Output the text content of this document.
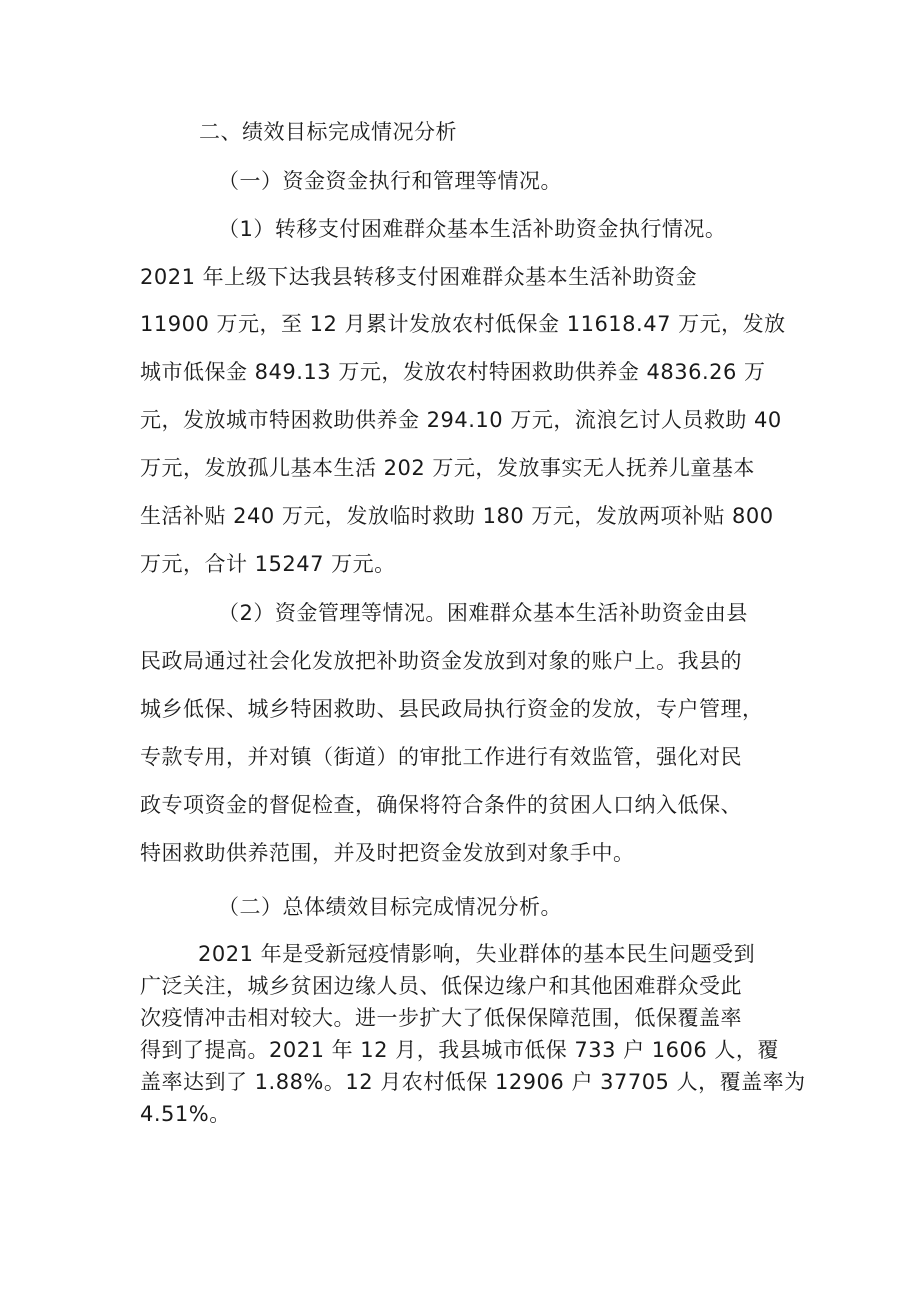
二、绩效目标完成情况分析
（一）资金资金执行和管理等情况。
（1）转移支付困难群众基本生活补助资金执行情况。
2021 年上级下达我县转移支付困难群众基本生活补助资金
11900 万元，至 12 月累计发放农村低保金 11618.47 万元，发放
城市低保金 849.13 万元，发放农村特困救助供养金 4836.26 万
元，发放城市特困救助供养金 294.10 万元，流浪乞讨人员救助 40
万元，发放孤儿基本生活 202 万元，发放事实无人抚养儿童基本
生活补贴 240 万元，发放临时救助 180 万元，发放两项补贴 800
万元，合计 15247 万元。
（2）资金管理等情况。困难群众基本生活补助资金由县
民政局通过社会化发放把补助资金发放到对象的账户上。我县的
城乡低保、城乡特困救助、县民政局执行资金的发放，专户管理，
专款专用，并对镇（街道）的审批工作进行有效监管，强化对民
政专项资金的督促检查，确保将符合条件的贫困人口纳入低保、
特困救助供养范围，并及时把资金发放到对象手中。
（二）总体绩效目标完成情况分析。
2021 年是受新冠疫情影响，失业群体的基本民生问题受到
广泛关注，城乡贫困边缘人员、低保边缘户和其他困难群众受此
次疫情冲击相对较大。进一步扩大了低保保障范围，低保覆盖率
得到了提高。2021 年 12 月，我县城市低保 733 户 1606 人，覆
盖率达到了 1.88%。12 月农村低保 12906 户 37705 人，覆盖率为
4.51%。
